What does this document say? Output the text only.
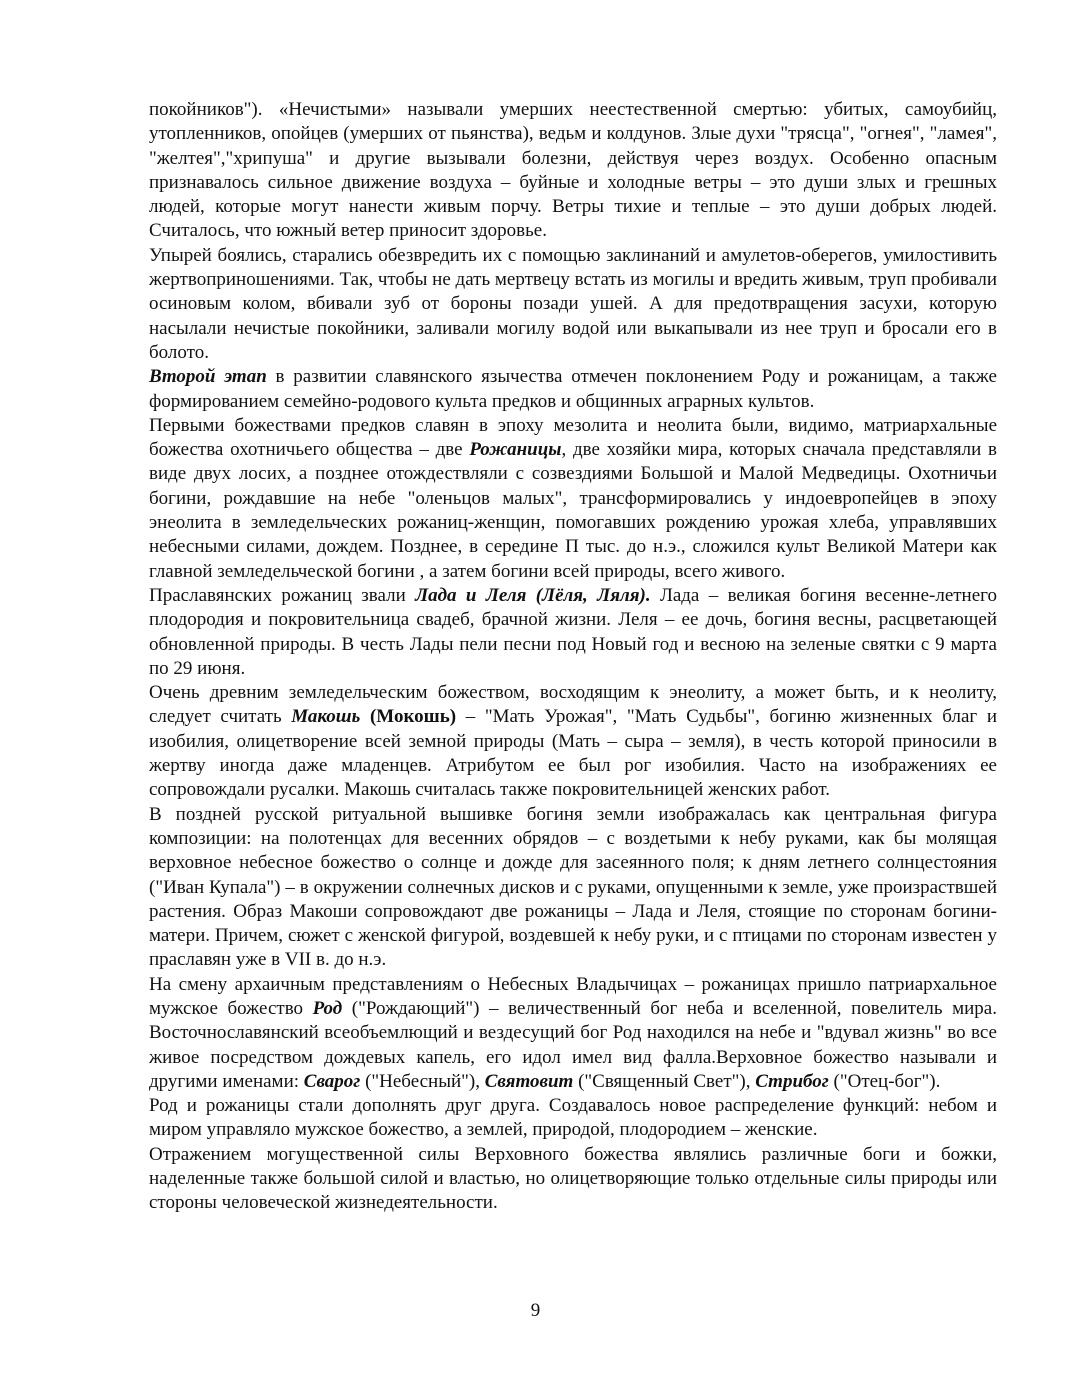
покойников"). «Нечистыми» называли умерших неестественной смертью: убитых, самоубийц, утопленников, опойцев (умерших от пьянства), ведьм и колдунов. Злые духи "трясца", "огнея", "ламея", "желтея","хрипуша" и другие вызывали болезни, действуя через воздух. Особенно опасным признавалось сильное движение воздуха – буйные и холодные ветры – это души злых и грешных людей, которые могут нанести живым порчу. Ветры тихие и теплые – это души добрых людей. Считалось, что южный ветер приносит здоровье.

Упырей боялись, старались обезвредить их с помощью заклинаний и амулетов-оберегов, умилостивить жертвоприношениями. Так, чтобы не дать мертвецу встать из могилы и вредить живым, труп пробивали осиновым колом, вбивали зуб от бороны позади ушей. А для предотвращения засухи, которую насылали нечистые покойники, заливали могилу водой или выкапывали из нее труп и бросали его в болото.

Второй этап в развитии славянского язычества отмечен поклонением Роду и рожаницам, а также формированием семейно-родового культа предков и общинных аграрных культов.

Первыми божествами предков славян в эпоху мезолита и неолита были, видимо, матриархальные божества охотничьего общества – две Рожаницы, две хозяйки мира, которых сначала представляли в виде двух лосих, а позднее отождествляли с созвездиями Большой и Малой Медведицы. Охотничьи богини, рождавшие на небе "оленьцов малых", трансформировались у индоевропейцев в эпоху энеолита в земледельческих рожаниц-женщин, помогавших рождению урожая хлеба, управлявших небесными силами, дождем. Позднее, в середине П тыс. до н.э., сложился культ Великой Матери как главной земледельческой богини , а затем богини всей природы, всего живого.

Праславянских рожаниц звали Лада и Леля (Лёля, Ляля). Лада – великая богиня весенне-летнего плодородия и покровительница свадеб, брачной жизни. Леля – ее дочь, богиня весны, расцветающей обновленной природы. В честь Лады пели песни под Новый год и весною на зеленые святки с 9 марта по 29 июня.

Очень древним земледельческим божеством, восходящим к энеолиту, а может быть, и к неолиту, следует считать Макошь (Мокошь) – "Мать Урожая", "Мать Судьбы", богиню жизненных благ и изобилия, олицетворение всей земной природы (Мать – сыра – земля), в честь которой приносили в жертву иногда даже младенцев. Атрибутом ее был рог изобилия. Часто на изображениях ее сопровождали русалки. Макошь считалась также покровительницей женских работ.

В поздней русской ритуальной вышивке богиня земли изображалась как центральная фигура композиции: на полотенцах для весенних обрядов – с воздетыми к небу руками, как бы молящая верховное небесное божество о солнце и дожде для засеянного поля; к дням летнего солнцестояния ("Иван Купала") – в окружении солнечных дисков и с руками, опущенными к земле, уже произраствшей растения. Образ Макоши сопровождают две рожаницы – Лада и Леля, стоящие по сторонам богини-матери. Причем, сюжет с женской фигурой, воздевшей к небу руки, и с птицами по сторонам известен у праславян уже в VII в. до н.э.

На смену архаичным представлениям о Небесных Владычицах – рожаницах пришло патриархальное мужское божество Род ("Рождающий") – величественный бог неба и вселенной, повелитель мира. Восточнославянский всеобъемлющий и вездесущий бог Род находился на небе и "вдувал жизнь" во все живое посредством дождевых капель, его идол имел вид фалла.Верховное божество называли и другими именами: Сварог ("Небесный"), Святовит ("Священный Свет"), Стрибог ("Отец-бог").

Род и рожаницы стали дополнять друг друга. Создавалось новое распределение функций: небом и миром управляло мужское божество, а землей, природой, плодородием – женские.

Отражением могущественной силы Верховного божества являлись различные боги и божки, наделенные также большой силой и властью, но олицетворяющие только отдельные силы природы или стороны человеческой жизнедеятельности.

9
